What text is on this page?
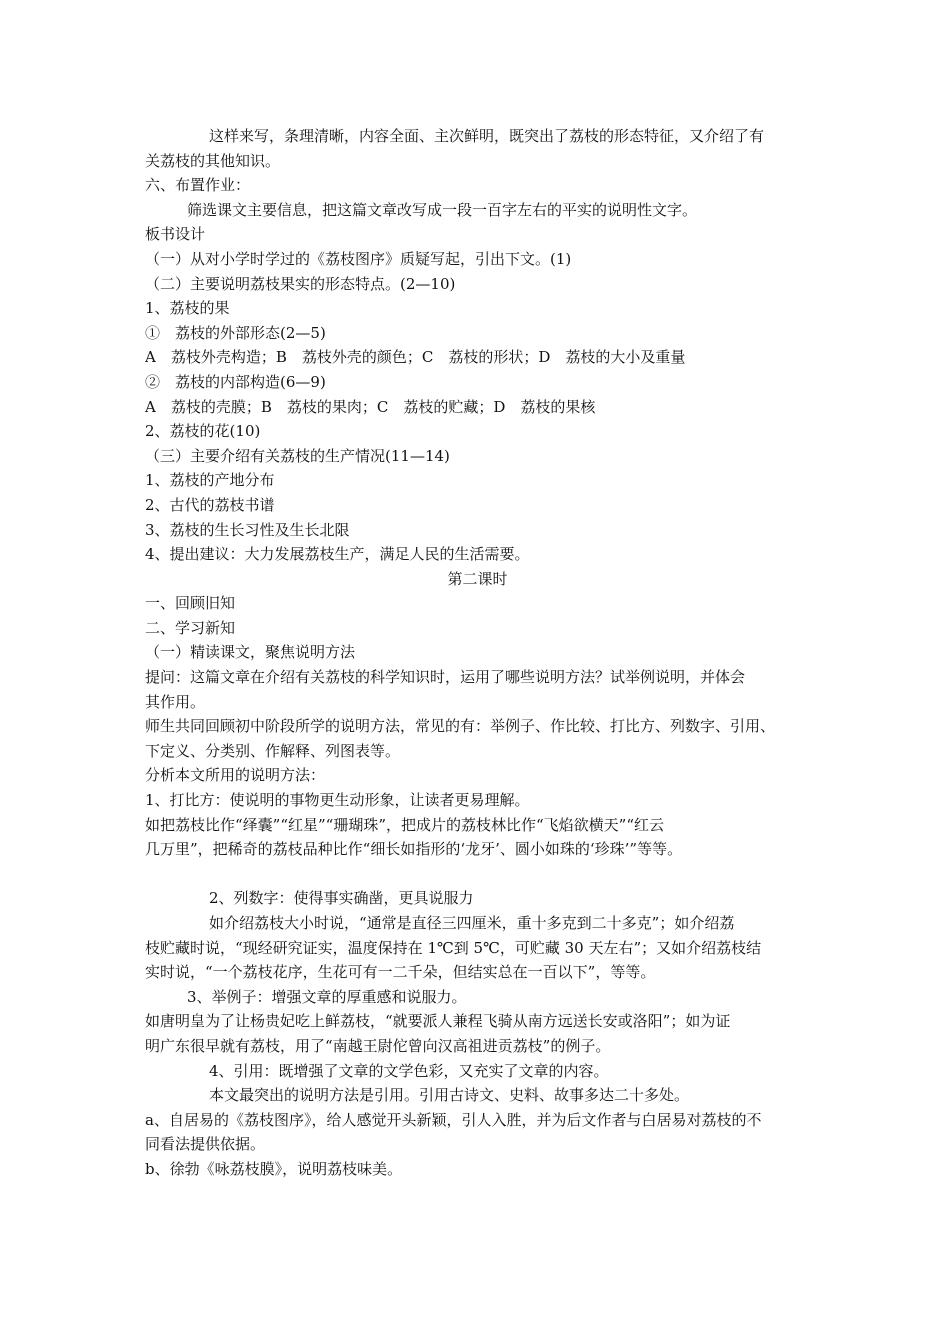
这样来写，条理清晰，内容全面、主次鲜明，既突出了荔枝的形态特征，又介绍了有
关荔枝的其他知识。
六、布置作业：
筛选课文主要信息，把这篇文章改写成一段一百字左右的平实的说明性文字。
板书设计
（一）从对小学时学过的《荔枝图序》质疑写起，引出下文。(1)
（二）主要说明荔枝果实的形态特点。(2—10)
1、荔枝的果
①　荔枝的外部形态(2—5)
A　荔枝外壳构造；B　荔枝外壳的颜色；C　荔枝的形状；D　荔枝的大小及重量
②　荔枝的内部构造(6—9)
A　荔枝的壳膜；B　荔枝的果肉；C　荔枝的贮藏；D　荔枝的果核
2、荔枝的花(10)
（三）主要介绍有关荔枝的生产情况(11—14)
1、荔枝的产地分布
2、古代的荔枝书谱
3、荔枝的生长习性及生长北限
4、提出建议：大力发展荔枝生产，满足人民的生活需要。
第二课时
一、回顾旧知
二、学习新知
（一）精读课文，聚焦说明方法
提问：这篇文章在介绍有关荔枝的科学知识时，运用了哪些说明方法？试举例说明，并体会
其作用。
师生共同回顾初中阶段所学的说明方法，常见的有：举例子、作比较、打比方、列数字、引用、
下定义、分类别、作解释、列图表等。
分析本文所用的说明方法：
1、打比方：使说明的事物更生动形象，让读者更易理解。
如把荔枝比作“绎囊”“红星”“珊瑚珠”，把成片的荔枝林比作“飞焰欲横天”“红云
几万里”，把稀奇的荔枝品种比作“细长如指形的‘龙牙’、圆小如珠的‘珍珠’”等等。
2、列数字：使得事实确凿，更具说服力
如介绍荔枝大小时说，“通常是直径三四厘米，重十多克到二十多克”；如介绍荔
枝贮藏时说，“现经研究证实，温度保持在 1℃到 5℃，可贮藏 30 天左右”；又如介绍荔枝结
实时说，“一个荔枝花序，生花可有一二千朵，但结实总在一百以下”，等等。
3、举例子：增强文章的厚重感和说服力。
如唐明皇为了让杨贵妃吃上鲜荔枝，“就要派人兼程飞骑从南方远送长安或洛阳”；如为证
明广东很早就有荔枝，用了“南越王尉佗曾向汉高祖进贡荔枝”的例子。
4、引用：既增强了文章的文学色彩，又充实了文章的内容。
本文最突出的说明方法是引用。引用古诗文、史料、故事多达二十多处。
a、自居易的《荔枝图序》，给人感觉开头新颖，引人入胜，并为后文作者与白居易对荔枝的不
同看法提供依据。
b、徐勃《咏荔枝膜》，说明荔枝味美。
